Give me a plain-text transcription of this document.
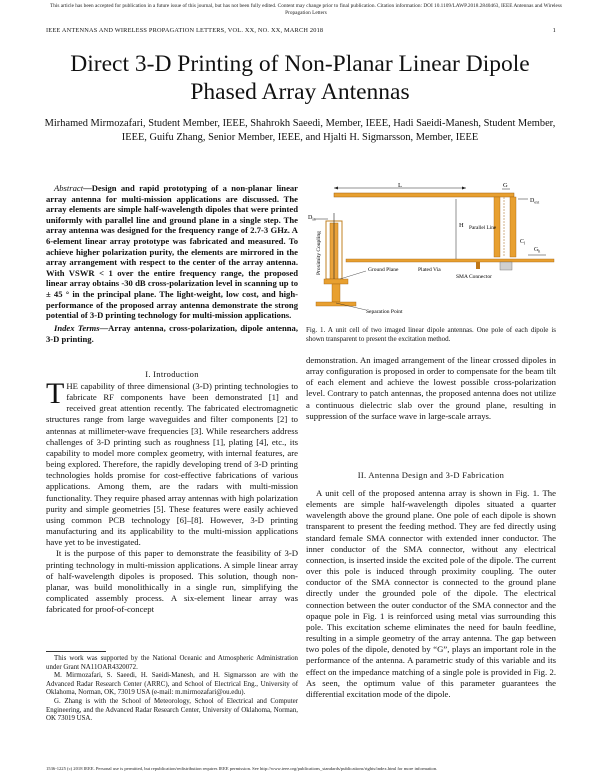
This article has been accepted for publication in a future issue of this journal, but has not been fully edited. Content may change prior to final publication. Citation information: DOI 10.1109/LAWP.2018.2840463, IEEE Antennas and Wireless Propagation Letters
IEEE ANTENNAS AND WIRELESS PROPAGATION LETTERS, VOL. XX, NO. XX, MARCH 2018	1
Direct 3-D Printing of Non-Planar Linear Dipole Phased Array Antennas
Mirhamed Mirmozafari, Student Member, IEEE, Shahrokh Saeedi, Member, IEEE, Hadi Saeidi-Manesh, Student Member, IEEE, Guifu Zhang, Senior Member, IEEE, and Hjalti H. Sigmarsson, Member, IEEE
Abstract—Design and rapid prototyping of a non-planar linear array antenna for multi-mission applications are discussed. The array elements are simple half-wavelength dipoles that were printed uniformly with parallel line and ground plane in a single step. The array antenna was designed for the frequency range of 2.7-3 GHz. A 6-element linear array prototype was fabricated and measured. To achieve higher polarization purity, the elements are mirrored in the array arrangement with respect to the center of the array antenna. With VSWR < 1 over the entire frequency range, the proposed linear array obtains -30 dB cross-polarization level in scanning up to ± 45 ° in the principal plane. The light-weight, low cost, and high-performance of the proposed array antenna demonstrate the strong potential of 3-D printing technology for multi-mission applications.
Index Terms—Array antenna, cross-polarization, dipole antenna, 3-D printing.
I. Introduction

THE capability of three dimensional (3-D) printing technologies to fabricate RF components have been demonstrated [1] and received great attention recently. The fabricated electromagnetic structures range from large waveguides and filter components [2] to antennas at millimeter-wave frequencies [3]. While researchers address challenges of 3-D printing such as roughness [1], plating [4], etc., its capability to model more complex geometry, with internal features, are being explored. Therefore, the rapidly developing trend of 3-D printing technologies holds promise for cost-effective fabrications of various applications. Among them, are the radars with multi-mission functionality. They require phased array antennas with high polarization purity and simple geometries [5]. These features were easily achieved using common PCB technology [6]–[8]. However, 3-D printing manufacturing and its applicability to the multi-mission applications have yet to be investigated.

It is the purpose of this paper to demonstrate the feasibility of 3-D printing technology in multi-mission applications. A simple linear array of half-wavelength dipoles is proposed. This solution, though non-planar, was build monolithically in a single run, simplifying the complicated assembly process. A six-element linear array was fabricated for proof-of-concept

This work was supported by the National Oceanic and Atmospheric Administration under Grant NA11OAR4320072.

M. Mirmozafari, S. Saeedi, H. Saeidi-Manesh, and H. Sigmarsson are with the Advanced Radar Research Center (ARRC), and School of Electrical Eng., University of Oklahoma, Norman, OK, 73019 USA (e-mail: m.mirmozafari@ou.edu).

G. Zhang is with the School of Meteorology, School of Electrical and Computer Engineering, and the Advanced Radar Research Center, University of Oklahoma, Norman, OK 73019 USA.

L	G
H
$D_{ext}$
$D_{in}$
Parallel Line
$C_l$
$G_h$
Proximity Coupling	Ground Plane	Plated Via
SMA Connector
Separation Point
Fig. 1. A unit cell of two imaged linear dipole antennas. One pole of each dipole is shown transparent to present the excitation method.

demonstration. An imaged arrangement of the linear crossed dipoles in array configuration is proposed in order to compensate for the beam tilt of each element and achieve the lowest possible cross-polarization level. Contrary to patch antennas, the proposed antenna does not utilize a continuous dielectric slab over the ground plane, resulting in suppression of the surface wave in large-scale arrays.

II. Antenna Design and 3-D Fabrication

A unit cell of the proposed antenna array is shown in Fig. 1. The elements are simple half-wavelength dipoles situated a quarter wavelength above the ground plane. One pole of each dipole is shown transparent to present the feeding method. They are fed directly using standard female SMA connector with extended inner conductor. The inner conductor of the SMA connector, without any electrical connection, is inserted inside the excited pole of the dipole. The current over this pole is induced through proximity coupling. The outer conductor of the SMA connector is connected to the ground plane directly under the grounded pole of the dipole. The electrical connection between the outer conductor of the SMA connector and the opaque pole in Fig. 1 is reinforced using metal vias surrounding this pole. This excitation scheme eliminates the need for bauln feedline, resulting in a simple geometry of the array antenna. The gap between two poles of the dipole, denoted by “G”, plays an important role in the performance of the antenna. A parametric study of this variable and its effect on the impedance matching of a single pole is provided in Fig. 2. As seen, the optimum value of this parameter guarantees the differential excitation mode of the dipole.

1536-1225 (c) 2018 IEEE. Personal use is permitted, but republication/redistribution requires IEEE permission. See http://www.ieee.org/publications_standards/publications/rights/index.html for more information.
